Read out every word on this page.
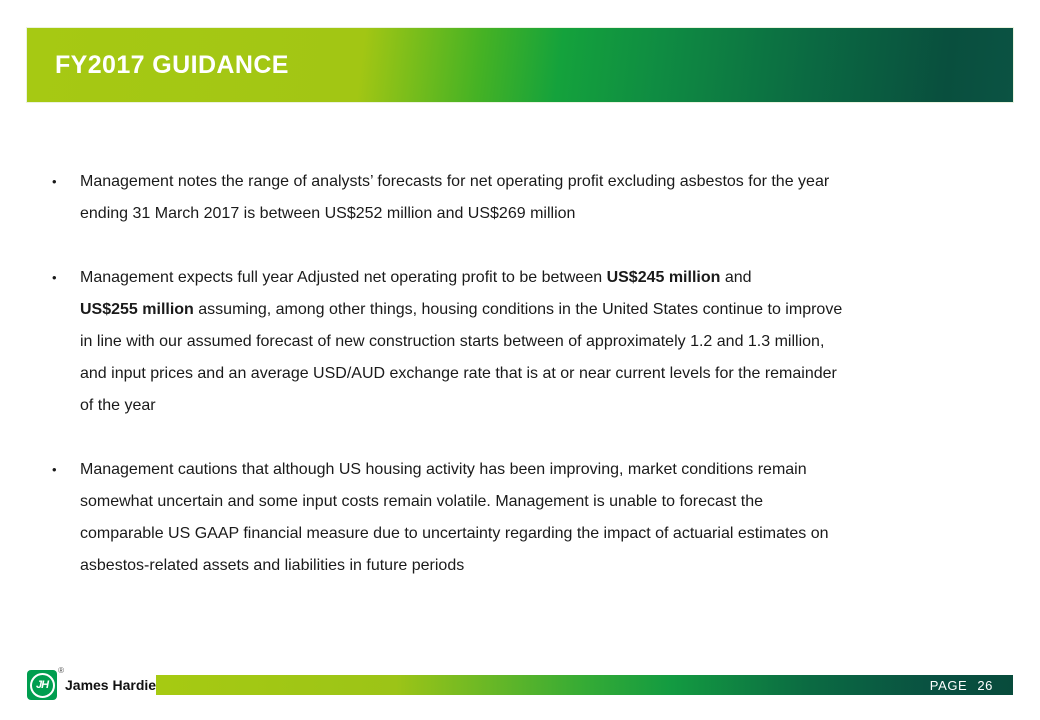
FY2017 GUIDANCE
•	Management notes the range of analysts’ forecasts for net operating profit excluding asbestos for the year
ending 31 March 2017 is between US$252 million and US$269 million
•	Management expects full year Adjusted net operating profit to be between US$245 million and
US$255 million assuming, among other things, housing conditions in the United States continue to improve
in line with our assumed forecast of new construction starts between of approximately 1.2 and 1.3 million,
and input prices and an average USD/AUD exchange rate that is at or near current levels for the remainder
of the year
•	Management cautions that although US housing activity has been improving, market conditions remain
somewhat uncertain and some input costs remain volatile. Management is unable to forecast the
comparable US GAAP financial measure due to uncertainty regarding the impact of actuarial estimates on
asbestos-related assets and liabilities in future periods
JH
®
James Hardie	PAGE 26
